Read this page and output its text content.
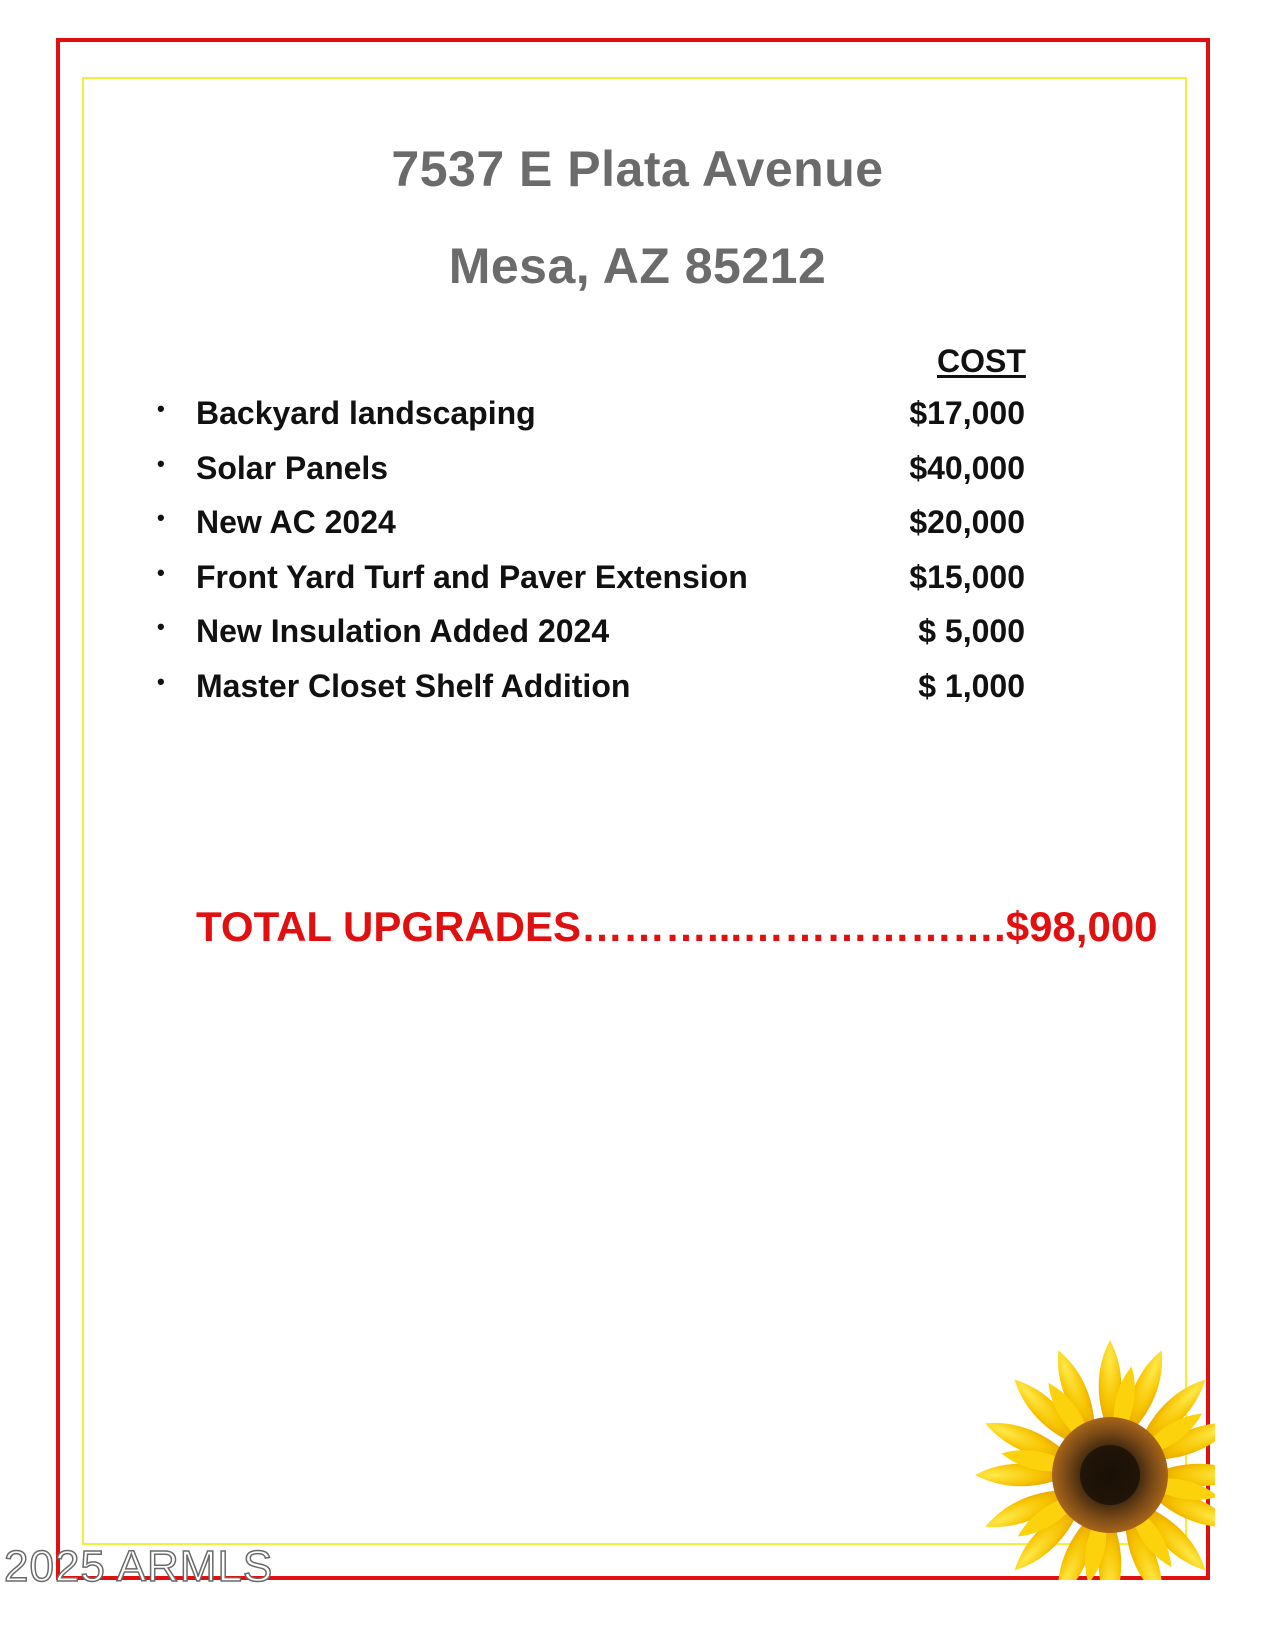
7537 E Plata Avenue
Mesa, AZ 85212
COST
• Backyard landscaping	$17,000
• Solar Panels	$40,000
• New AC 2024	$20,000
• Front Yard Turf and Paver Extension	$15,000
• New Insulation Added 2024	$ 5,000
• Master Closet Shelf Addition	$ 1,000
TOTAL UPGRADES………...……………….$98,000
2025 ARMLS
